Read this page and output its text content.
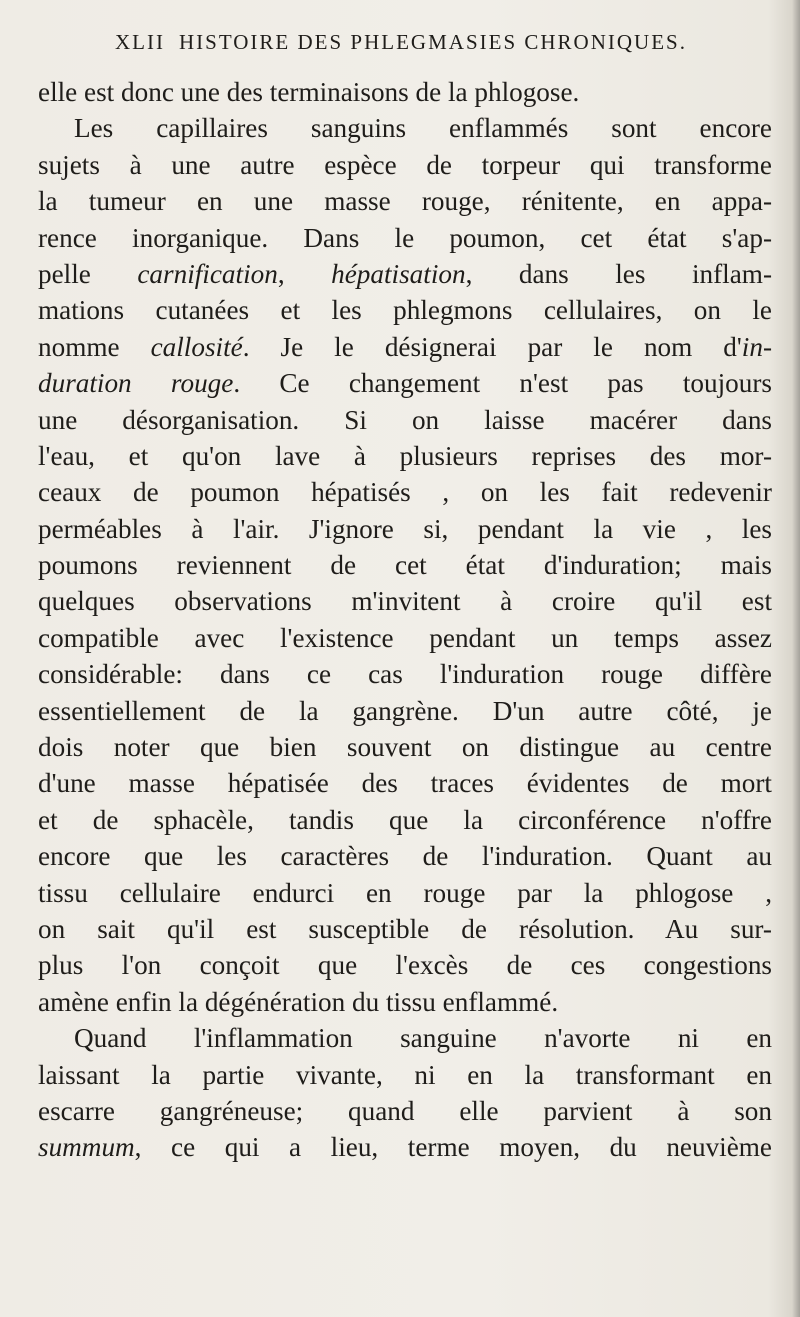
XLII HISTOIRE DES PHLEGMASIES CHRONIQUES.
elle est donc une des terminaisons de la phlogose.
Les capillaires sanguins enflammés sont encore
sujets à une autre espèce de torpeur qui transforme
la tumeur en une masse rouge, rénitente, en appa-
rence inorganique. Dans le poumon, cet état s'ap-
pelle carnification, hépatisation, dans les inflam-
mations cutanées et les phlegmons cellulaires, on le
nomme callosité. Je le désignerai par le nom d'in-
duration rouge. Ce changement n'est pas toujours
une désorganisation. Si on laisse macérer dans
l'eau, et qu'on lave à plusieurs reprises des mor-
ceaux de poumon hépatisés , on les fait redevenir
perméables à l'air. J'ignore si, pendant la vie , les
poumons reviennent de cet état d'induration; mais
quelques observations m'invitent à croire qu'il est
compatible avec l'existence pendant un temps assez
considérable: dans ce cas l'induration rouge diffère
essentiellement de la gangrène. D'un autre côté, je
dois noter que bien souvent on distingue au centre
d'une masse hépatisée des traces évidentes de mort
et de sphacèle, tandis que la circonférence n'offre
encore que les caractères de l'induration. Quant au
tissu cellulaire endurci en rouge par la phlogose ,
on sait qu'il est susceptible de résolution. Au sur-
plus l'on conçoit que l'excès de ces congestions
amène enfin la dégénération du tissu enflammé.
Quand l'inflammation sanguine n'avorte ni en
laissant la partie vivante, ni en la transformant en
escarre gangréneuse; quand elle parvient à son
summum, ce qui a lieu, terme moyen, du neuvième
